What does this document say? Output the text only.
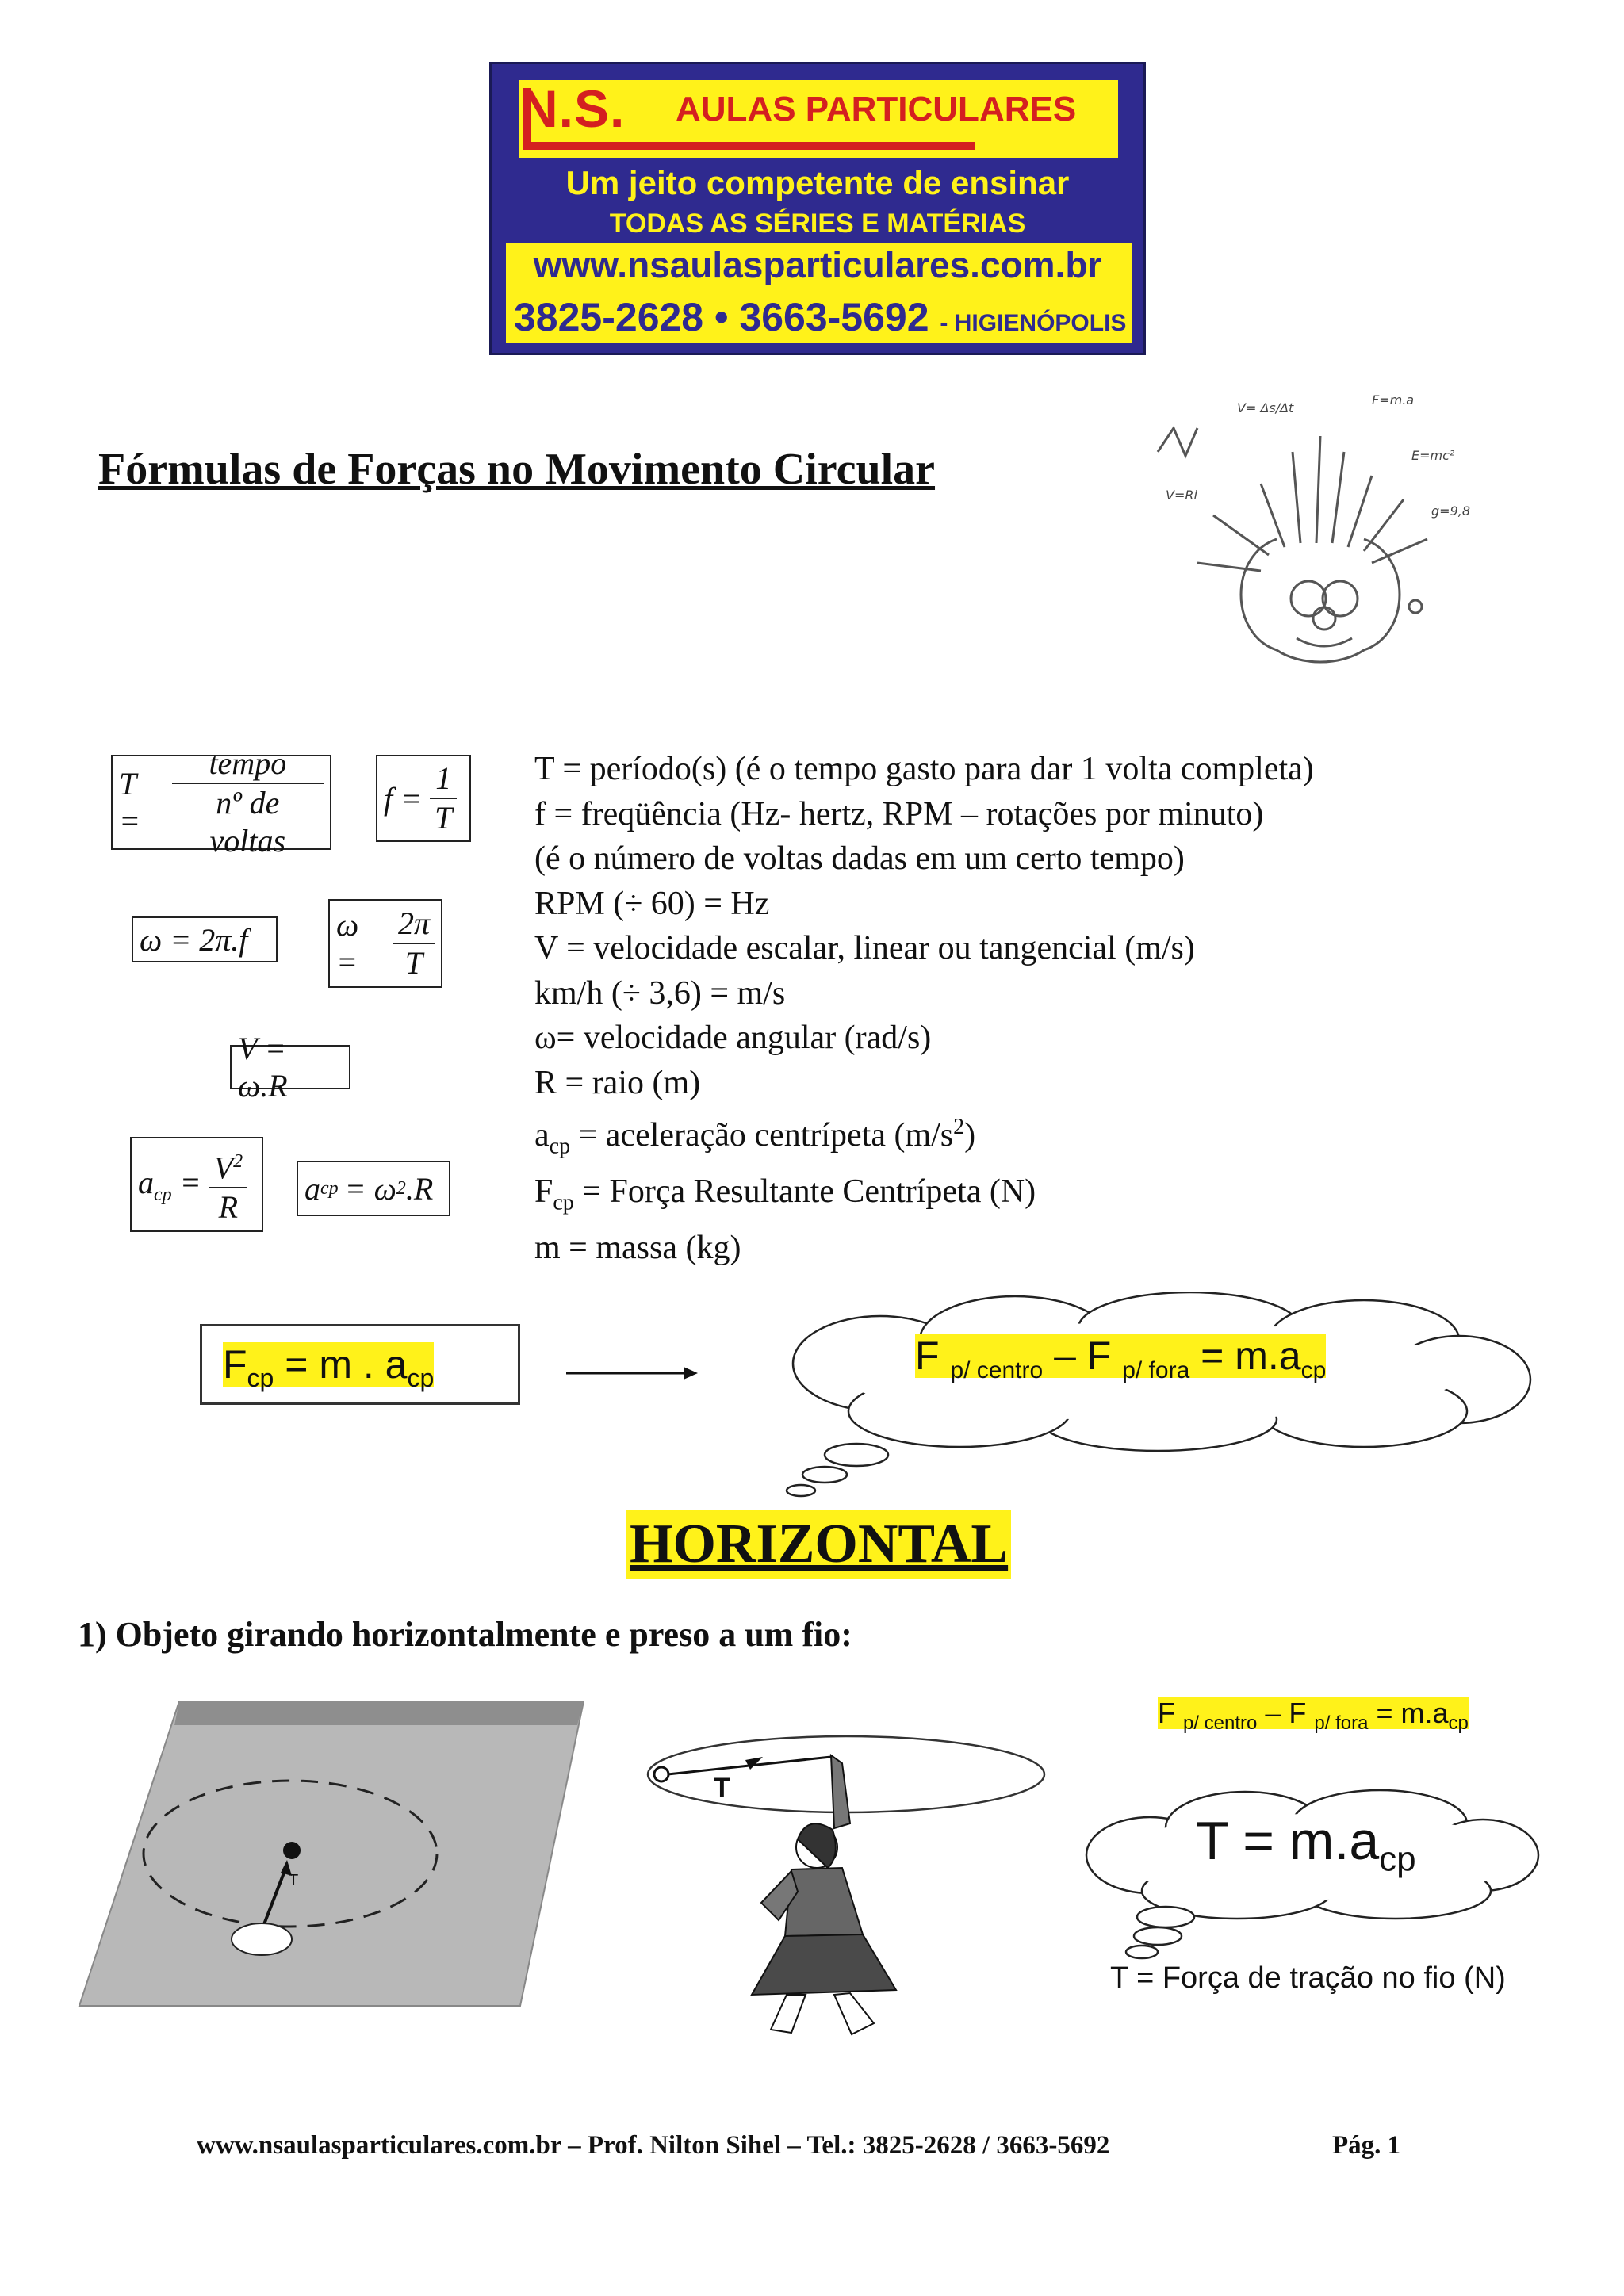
N.S. AULAS PARTICULARES
Um jeito competente de ensinar
TODAS AS SÉRIES E MATÉRIAS
www.nsaulasparticulares.com.br
3825-2628 • 3663-5692 - HIGIENÓPOLIS
Fórmulas de Forças no Movimento Circular
V= Δs/Δt
F=m.a
E=mc²
V=Ri
g=9,8
$T = \frac{\text{tempo}}{\text{nº de voltas}}$ $f = \frac{1}{T}$
ω = 2π.f	ω =	$\frac{2\pi}{T}$
V = ω.R
$a_{cp} = \frac{V^2}{R}$ a cp = ω 2 .R
T = período(s) (é o tempo gasto para dar 1 volta completa)
f = freqüência (Hz- hertz, RPM – rotações por minuto)
(é o número de voltas dadas em um certo tempo)
RPM (÷ 60) = Hz
V = velocidade escalar, linear ou tangencial (m/s)
km/h (÷ 3,6) = m/s
ω= velocidade angular (rad/s)
R = raio (m)
$a_{cp}$ = aceleração centrípeta $(m/s^2)$
$F_{cp}$ = Força Resultante Centrípeta (N)
m = massa (kg)
$F_{cp} = m$ . $a_{cp}$	F $_{p/ centro}$ – F $_{p/ fora} = m.a_{cp}$
HORIZONTAL
1) Objeto girando horizontalmente e preso a um fio:
T
T
F $_{p/ centro}$ – F $_{p/ fora} = m.a_{cp}$
$T = m.a_{cp}$
T = Força de tração no fio (N)
www.nsaulasparticulares.com.br – Prof. Nilton Sihel – Tel.: 3825-2628 / 3663-5692	Pág. 1
